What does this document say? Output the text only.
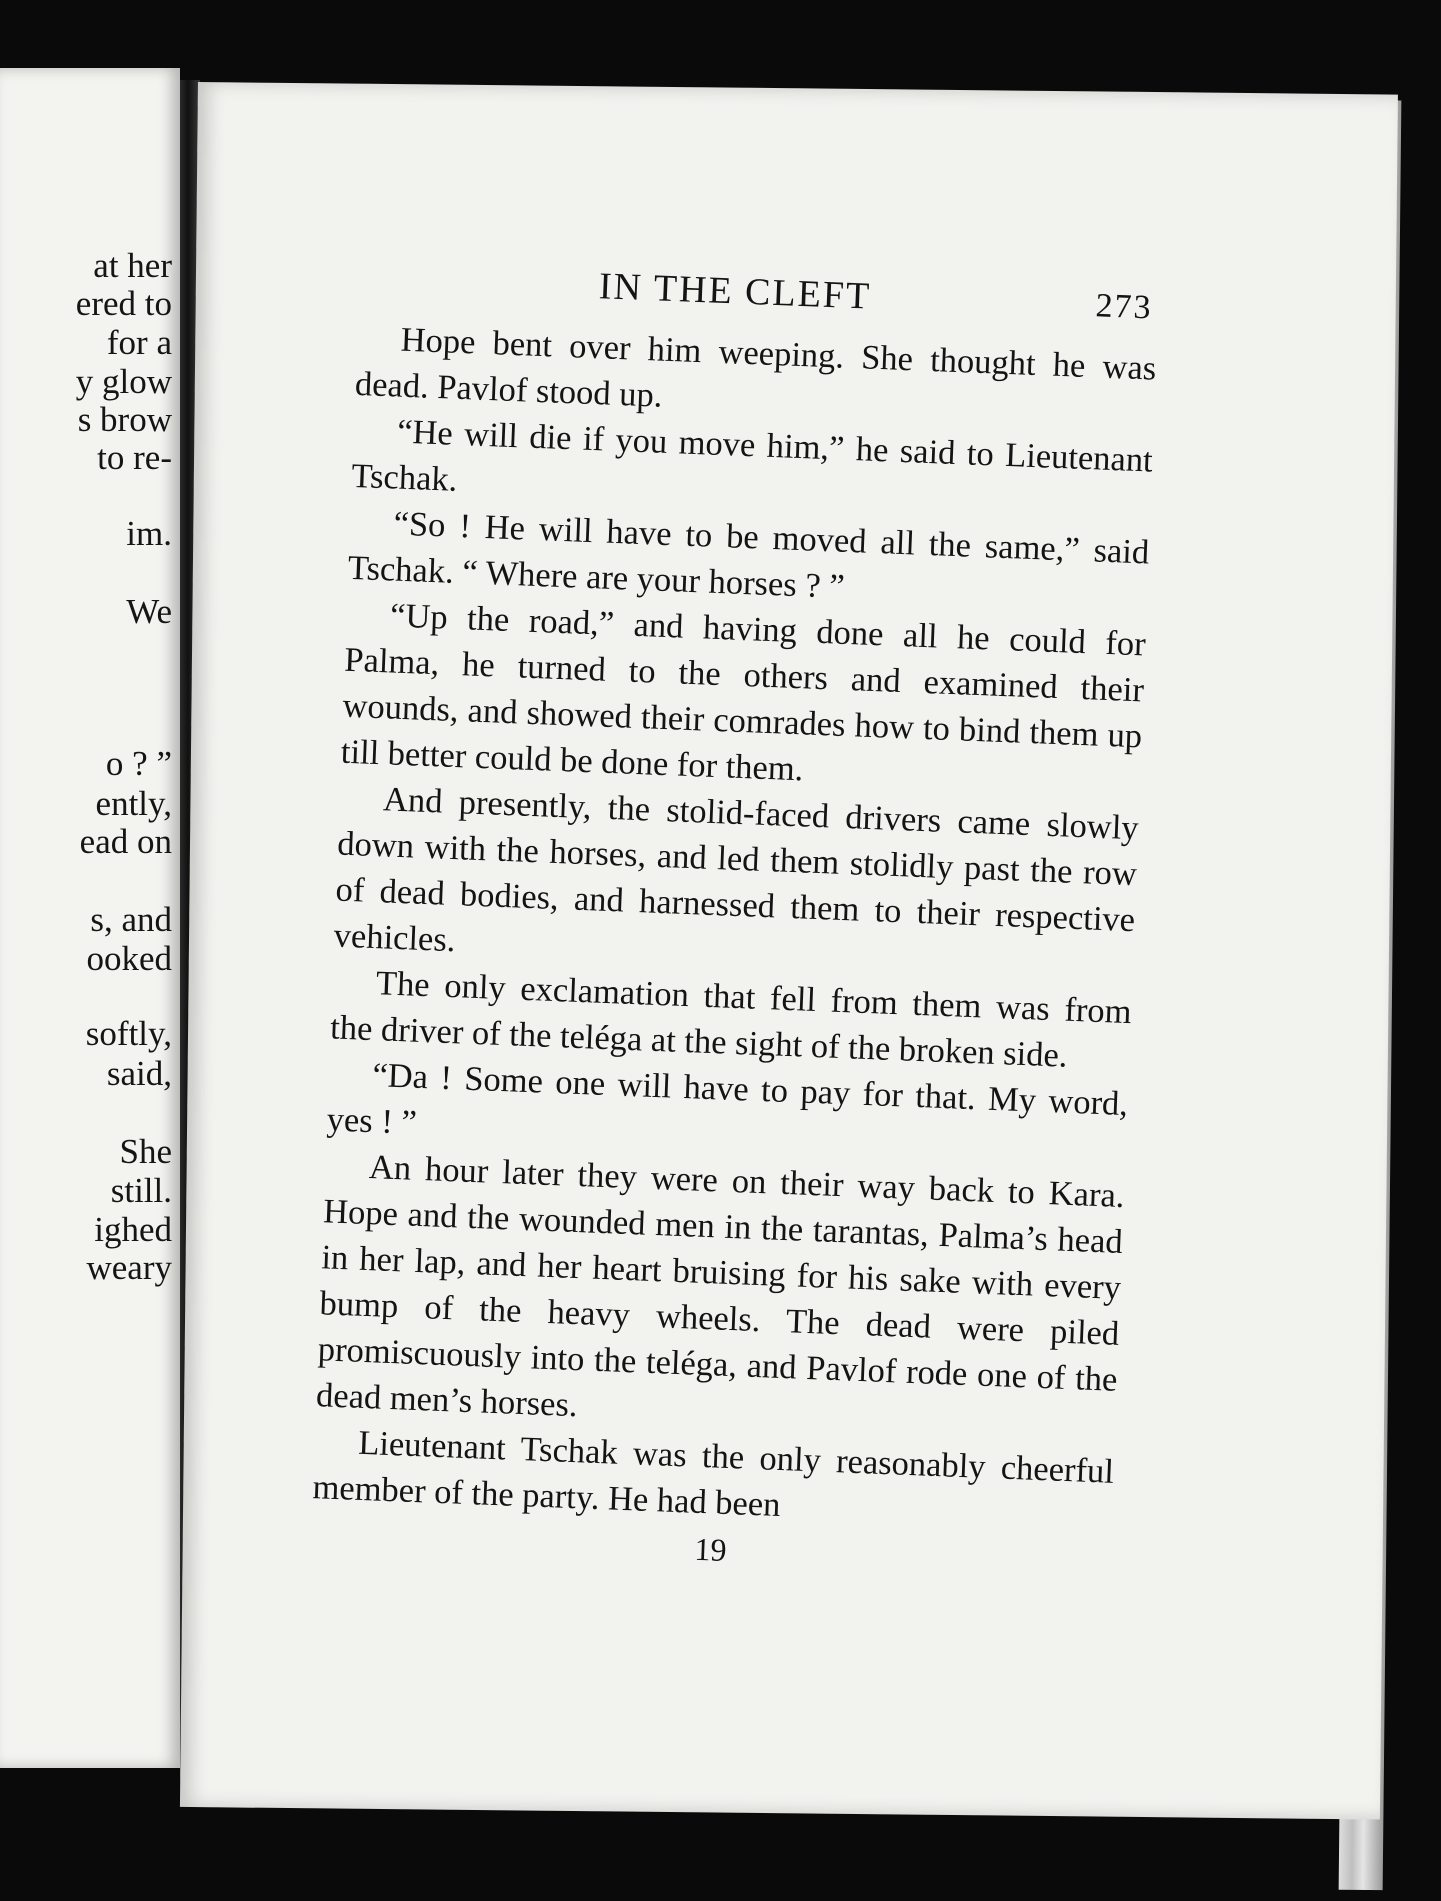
at her
ered to
for a
y glow
s brow
to re-
im.
We
o ? ”
ently,
ead on
s, and
ooked
softly,
said,
She
still.
ighed
weary
IN THE CLEFT	273

Hope bent over him weeping. She thought he was dead. Pavlof stood up.

“He will die if you move him,” he said to Lieutenant Tschak.

“So ! He will have to be moved all the same,” said Tschak. “ Where are your horses ? ”

“Up the road,” and having done all he could for Palma, he turned to the others and examined their wounds, and showed their comrades how to bind them up till better could be done for them.

And presently, the stolid-faced drivers came slowly down with the horses, and led them stolidly past the row of dead bodies, and harnessed them to their respective vehicles.

The only exclamation that fell from them was from the driver of the teléga at the sight of the broken side.

“Da ! Some one will have to pay for that. My word, yes ! ”

An hour later they were on their way back to Kara. Hope and the wounded men in the tarantas, Palma’s head in her lap, and her heart bruising for his sake with every bump of the heavy wheels. The dead were piled promiscuously into the teléga, and Pavlof rode one of the dead men’s horses.

Lieutenant Tschak was the only reasonably cheerful member of the party. He had been

19
